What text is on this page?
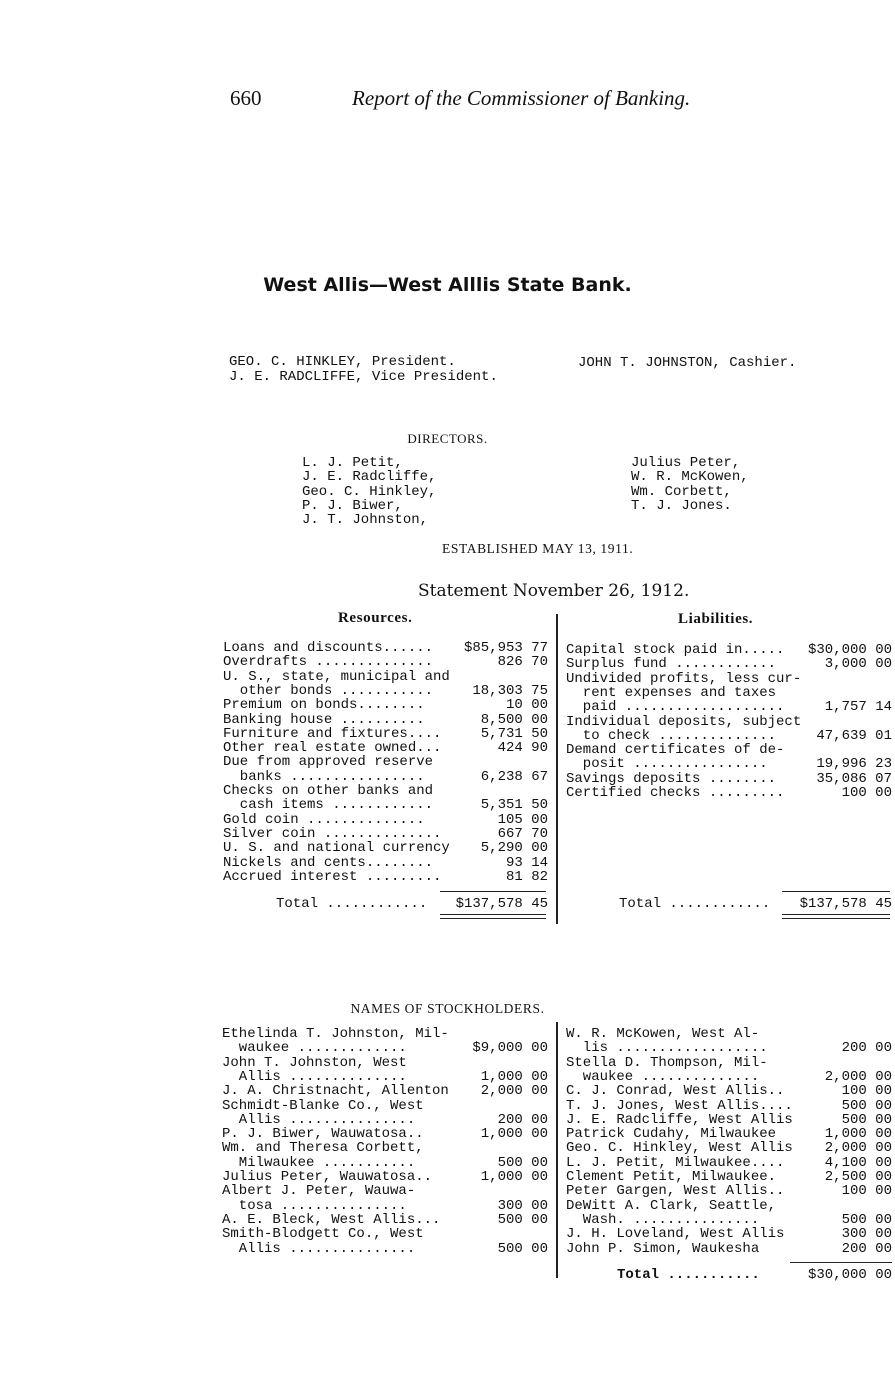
660	Report of the Commissioner of Banking.
West Allis—West Alllis State Bank.
GEO. C. HINKLEY, President.
J. E. RADCLIFFE, Vice President.
JOHN T. JOHNSTON, Cashier.
DIRECTORS.
L. J. Petit,
J. E. Radcliffe,
Geo. C. Hinkley,
P. J. Biwer,
J. T. Johnston,
Julius Peter,
W. R. McKowen,
Wm. Corbett,
T. J. Jones.
ESTABLISHED MAY 13, 1911.
Statement November 26, 1912.
Resources.	Liabilities.
Loans and discounts...... $85,953 77
Overdrafts ..............	826 70
U. S., state, municipal and
other bonds ...........	18,303 75
Premium on bonds........	10 00
Banking house ..........	8,500 00
Furniture and fixtures....	5,731 50
Other real estate owned...	424 90
Due from approved reserve
banks ................	6,238 67
Checks on other banks and
cash items ............	5,351 50
Gold coin ..............	105 00
Silver coin ..............	667 70
U. S. and national currency 5,290 00
Nickels and cents........	93 14
Accrued interest .........	81 82
Capital stock paid in..... $30,000 00
Surplus fund ............	3,000 00
Undivided profits, less cur-
rent expenses and taxes
paid ...................	1,757 14
Individual deposits, subject
to check ..............	47,639 01
Demand certificates of de-
posit ................	19,996 23
Savings deposits ........	35,086 07
Certified checks .........	100 00
Total ............	$137,578 45	Total ............	$137,578 45
NAMES OF STOCKHOLDERS.
Ethelinda T. Johnston, Mil-
waukee .............	$9,000 00
John T. Johnston, West
Allis ..............	1,000 00
J. A. Christnacht, Allenton 2,000 00
Schmidt-Blanke Co., West
Allis ...............	200 00
P. J. Biwer, Wauwatosa..	1,000 00
Wm. and Theresa Corbett,
Milwaukee ...........	500 00
Julius Peter, Wauwatosa..	1,000 00
Albert J. Peter, Wauwa-
tosa ...............	300 00
A. E. Bleck, West Allis...	500 00
Smith-Blodgett Co., West
Allis ...............	500 00
W. R. McKowen, West Al-
lis ..................	200 00
Stella D. Thompson, Mil-
waukee ..............	2,000 00
C. J. Conrad, West Allis..	100 00
T. J. Jones, West Allis....	500 00
J. E. Radcliffe, West Allis	500 00
Patrick Cudahy, Milwaukee	1,000 00
Geo. C. Hinkley, West Allis 2,000 00
L. J. Petit, Milwaukee....	4,100 00
Clement Petit, Milwaukee.	2,500 00
Peter Gargen, West Allis..	100 00
DeWitt A. Clark, Seattle,
Wash. ...............	500 00
J. H. Loveland, West Allis	300 00
John P. Simon, Waukesha	200 00
Total ...........	$30,000 00
